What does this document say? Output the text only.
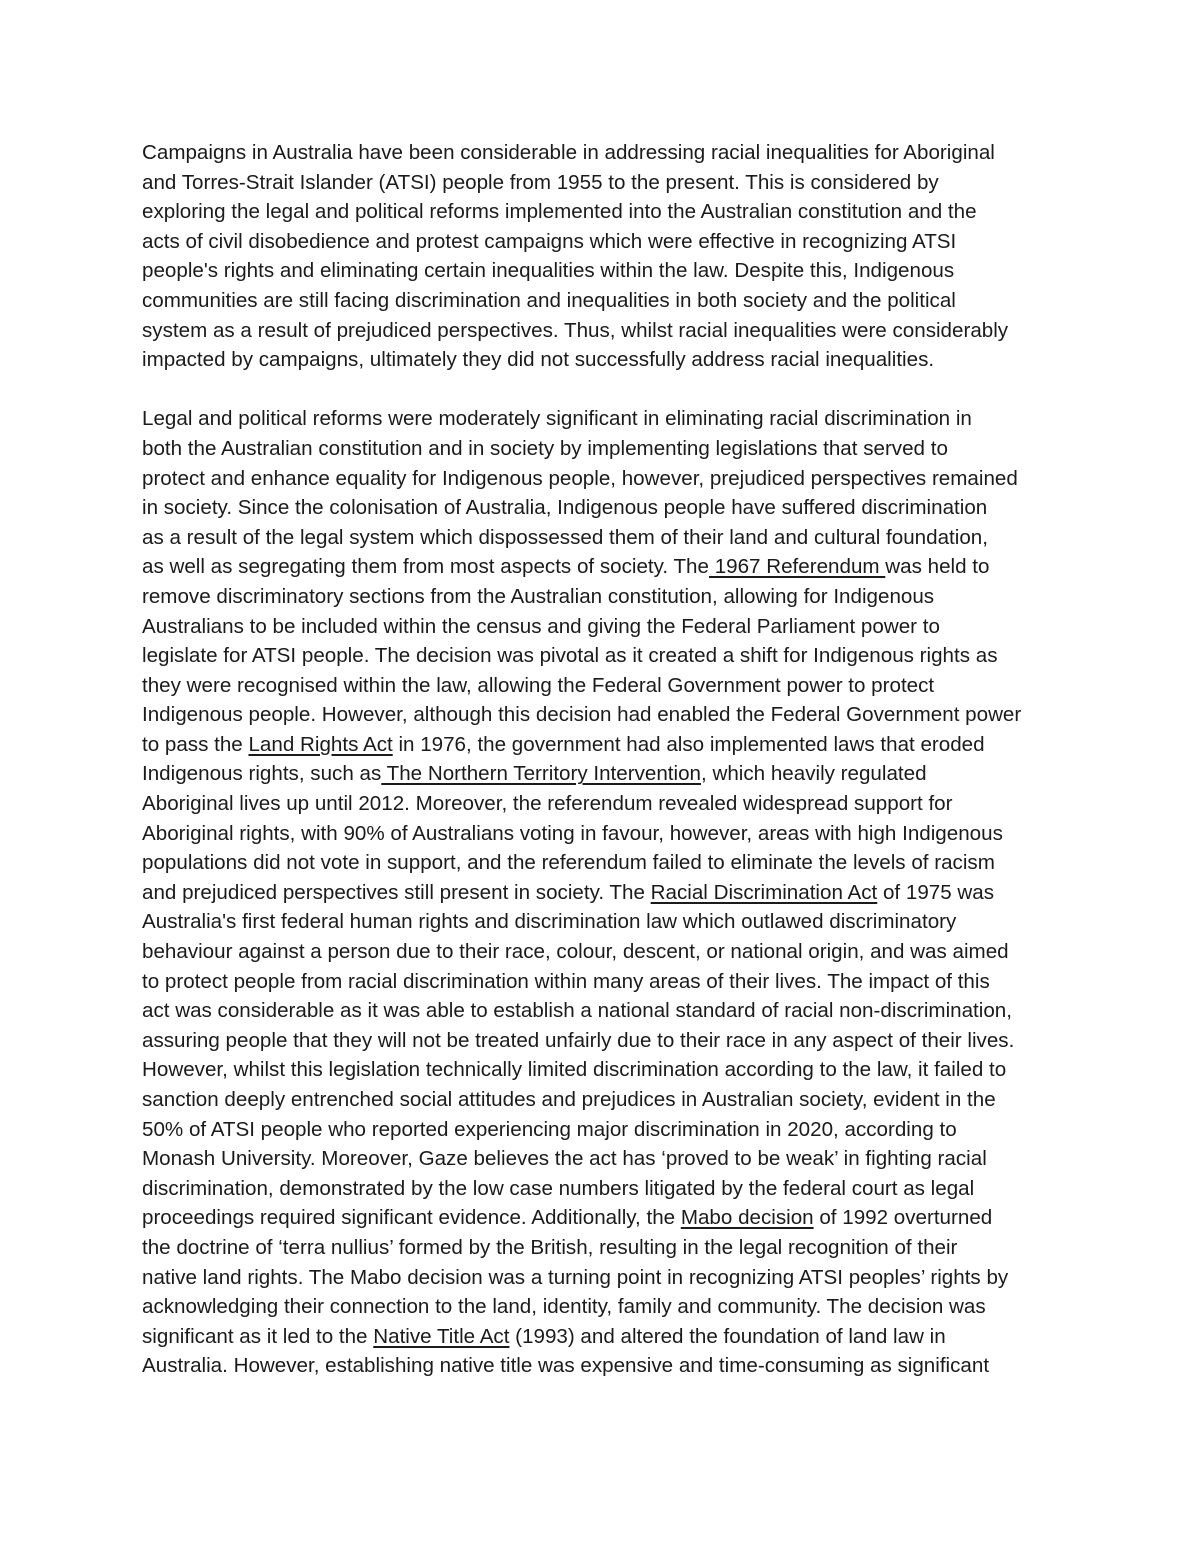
Campaigns in Australia have been considerable in addressing racial inequalities for Aboriginal
and Torres-Strait Islander (ATSI) people from 1955 to the present. This is considered by
exploring the legal and political reforms implemented into the Australian constitution and the
acts of civil disobedience and protest campaigns which were effective in recognizing ATSI
people's rights and eliminating certain inequalities within the law. Despite this, Indigenous
communities are still facing discrimination and inequalities in both society and the political
system as a result of prejudiced perspectives. Thus, whilst racial inequalities were considerably
impacted by campaigns, ultimately they did not successfully address racial inequalities.

Legal and political reforms were moderately significant in eliminating racial discrimination in
both the Australian constitution and in society by implementing legislations that served to
protect and enhance equality for Indigenous people, however, prejudiced perspectives remained
in society. Since the colonisation of Australia, Indigenous people have suffered discrimination
as a result of the legal system which dispossessed them of their land and cultural foundation,
as well as segregating them from most aspects of society. The 1967 Referendum was held to
remove discriminatory sections from the Australian constitution, allowing for Indigenous
Australians to be included within the census and giving the Federal Parliament power to
legislate for ATSI people. The decision was pivotal as it created a shift for Indigenous rights as
they were recognised within the law, allowing the Federal Government power to protect
Indigenous people. However, although this decision had enabled the Federal Government power
to pass the Land Rights Act in 1976, the government had also implemented laws that eroded
Indigenous rights, such as The Northern Territory Intervention, which heavily regulated
Aboriginal lives up until 2012. Moreover, the referendum revealed widespread support for
Aboriginal rights, with 90% of Australians voting in favour, however, areas with high Indigenous
populations did not vote in support, and the referendum failed to eliminate the levels of racism
and prejudiced perspectives still present in society. The Racial Discrimination Act of 1975 was
Australia's first federal human rights and discrimination law which outlawed discriminatory
behaviour against a person due to their race, colour, descent, or national origin, and was aimed
to protect people from racial discrimination within many areas of their lives. The impact of this
act was considerable as it was able to establish a national standard of racial non-discrimination,
assuring people that they will not be treated unfairly due to their race in any aspect of their lives.
However, whilst this legislation technically limited discrimination according to the law, it failed to
sanction deeply entrenched social attitudes and prejudices in Australian society, evident in the
50% of ATSI people who reported experiencing major discrimination in 2020, according to
Monash University. Moreover, Gaze believes the act has ‘proved to be weak’ in fighting racial
discrimination, demonstrated by the low case numbers litigated by the federal court as legal
proceedings required significant evidence. Additionally, the Mabo decision of 1992 overturned
the doctrine of ‘terra nullius’ formed by the British, resulting in the legal recognition of their
native land rights. The Mabo decision was a turning point in recognizing ATSI peoples’ rights by
acknowledging their connection to the land, identity, family and community. The decision was
significant as it led to the Native Title Act (1993) and altered the foundation of land law in
Australia. However, establishing native title was expensive and time-consuming as significant
